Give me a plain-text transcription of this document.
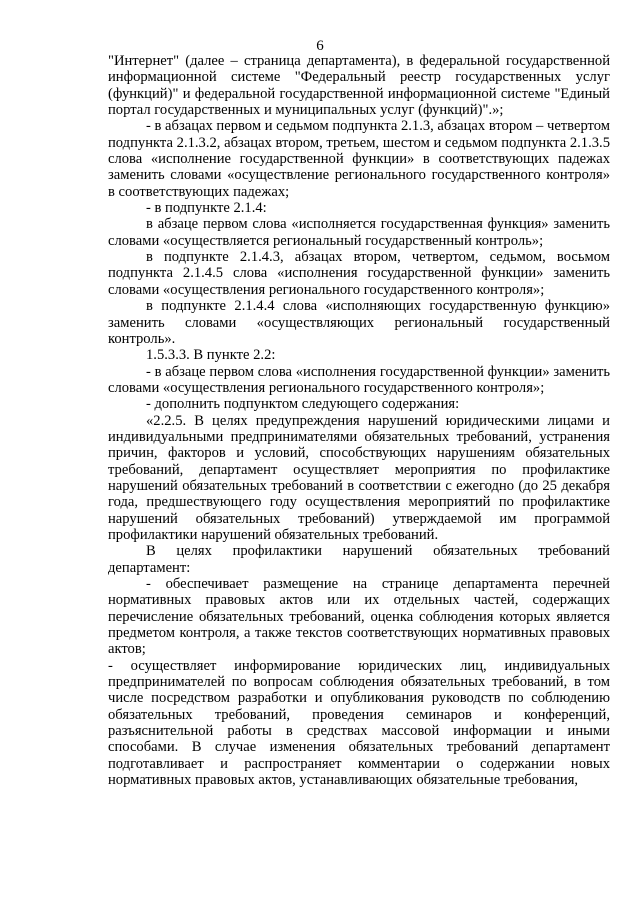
6

"Интернет" (далее – страница департамента), в федеральной государственной информационной системе "Федеральный реестр государственных услуг (функций)" и федеральной государственной информационной системе "Единый портал государственных и муниципальных услуг (функций)".»;

- в абзацах первом и седьмом подпункта 2.1.3, абзацах втором – четвертом подпункта 2.1.3.2, абзацах втором, третьем, шестом и седьмом подпункта 2.1.3.5 слова «исполнение государственной функции» в соответствующих падежах заменить словами «осуществление регионального государственного контроля» в соответствующих падежах;

- в подпункте 2.1.4:

в абзаце первом слова «исполняется государственная функция» заменить словами «осуществляется региональный государственный контроль»;

в подпункте 2.1.4.3, абзацах втором, четвертом, седьмом, восьмом подпункта 2.1.4.5 слова «исполнения государственной функции» заменить словами «осуществления регионального государственного контроля»;

в подпункте 2.1.4.4 слова «исполняющих государственную функцию» заменить словами «осуществляющих региональный государственный контроль».

1.5.3.3. В пункте 2.2:

- в абзаце первом слова «исполнения государственной функции» заменить словами «осуществления регионального государственного контроля»;

- дополнить подпунктом следующего содержания:

«2.2.5. В целях предупреждения нарушений юридическими лицами и индивидуальными предпринимателями обязательных требований, устранения причин, факторов и условий, способствующих нарушениям обязательных требований, департамент осуществляет мероприятия по профилактике нарушений обязательных требований в соответствии с ежегодно (до 25 декабря года, предшествующего году осуществления мероприятий по профилактике нарушений обязательных требований) утверждаемой им программой профилактики нарушений обязательных требований.

В целях профилактики нарушений обязательных требований департамент:

- обеспечивает размещение на странице департамента перечней нормативных правовых актов или их отдельных частей, содержащих перечисление обязательных требований, оценка соблюдения которых является предметом контроля, а также текстов соответствующих нормативных правовых актов;

- осуществляет информирование юридических лиц, индивидуальных предпринимателей по вопросам соблюдения обязательных требований, в том числе посредством разработки и опубликования руководств по соблюдению обязательных требований, проведения семинаров и конференций, разъяснительной работы в средствах массовой информации и иными способами. В случае изменения обязательных требований департамент подготавливает и распространяет комментарии о содержании новых нормативных правовых актов, устанавливающих обязательные требования,
